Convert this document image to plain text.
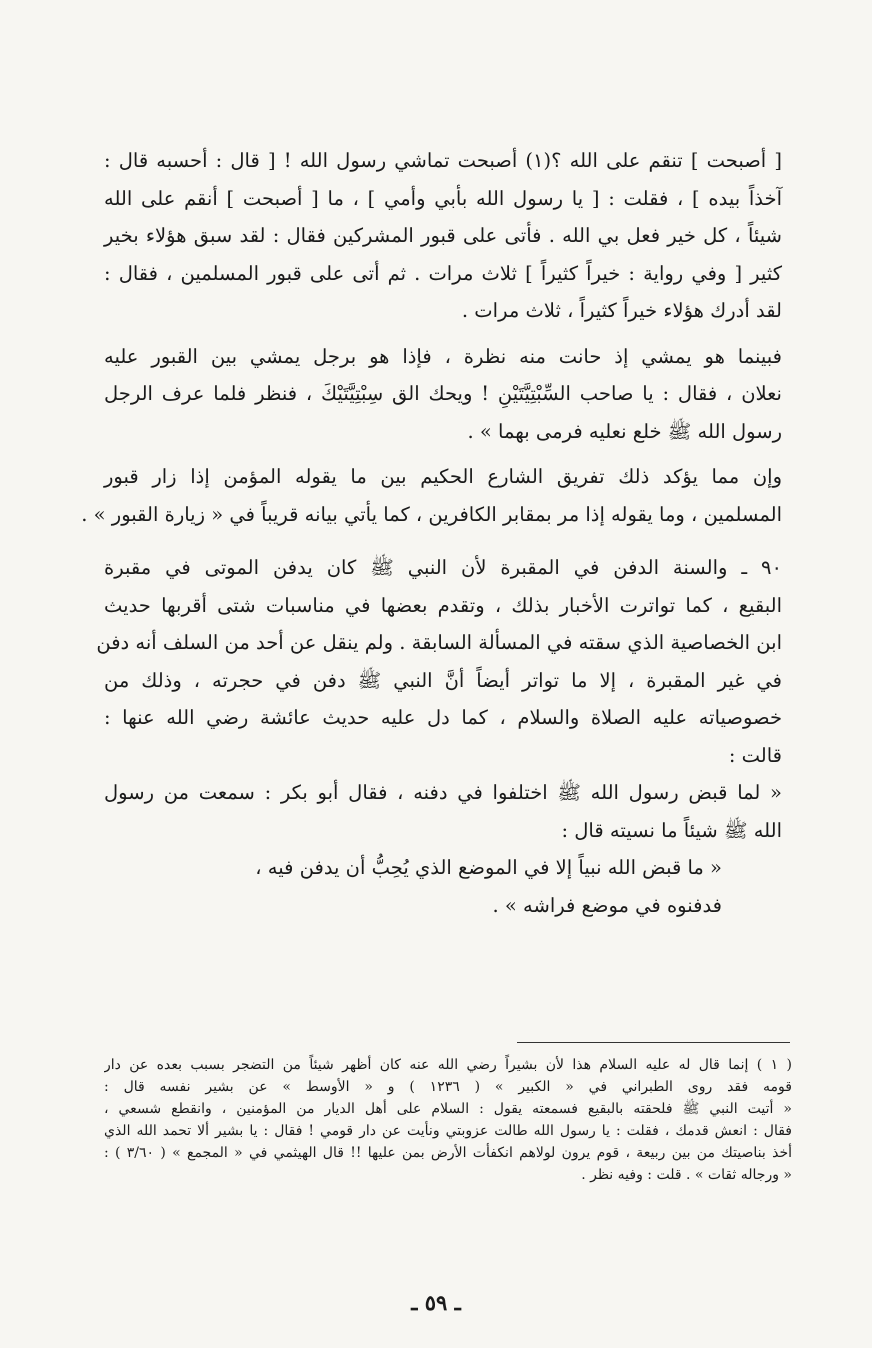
[ أصبحت ] تنقم على الله ؟(١) أصبحت تماشي رسول الله ! [ قال : أحسبه قال :
آخذاً بيده ] ، فقلت : [ يا رسول الله بأبي وأمي ] ، ما [ أصبحت ] أنقم على الله
شيئاً ، كل خير فعل بي الله . فأتى على قبور المشركين فقال : لقد سبق هؤلاء بخير
كثير [ وفي رواية : خيراً كثيراً ] ثلاث مرات . ثم أتى على قبور المسلمين ، فقال :
لقد أدرك هؤلاء خيراً كثيراً ، ثلاث مرات .
فبينما هو يمشي إذ حانت منه نظرة ، فإذا هو برجل يمشي بين القبور عليه
نعلان ، فقال : يا صاحب السِّبْتِيَّتَيْنِ ! ويحك الق سِبْتِيَّتَيْكَ ، فنظر فلما عرف الرجل
رسول الله ﷺ خلع نعليه فرمى بهما » .
وإن مما يؤكد ذلك تفريق الشارع الحكيم بين ما يقوله المؤمن إذا زار قبور
المسلمين ، وما يقوله إذا مر بمقابر الكافرين ، كما يأتي بيانه قريباً في « زيارة القبور » .
٩٠ ـ والسنة الدفن في المقبرة لأن النبي ﷺ كان يدفن الموتى في مقبرة
البقيع ، كما تواترت الأخبار بذلك ، وتقدم بعضها في مناسبات شتى أقربها حديث
ابن الخصاصية الذي سقته في المسألة السابقة . ولم ينقل عن أحد من السلف أنه دفن
في غير المقبرة ، إلا ما تواتر أيضاً أنَّ النبي ﷺ دفن في حجرته ، وذلك من
خصوصياته عليه الصلاة والسلام ، كما دل عليه حديث عائشة رضي الله عنها :
قالت :
« لما قبض رسول الله ﷺ اختلفوا في دفنه ، فقال أبو بكر : سمعت من رسول
الله ﷺ شيئاً ما نسيته قال :
« ما قبض الله نبياً إلا في الموضع الذي يُحِبُّ أن يدفن فيه ،
فدفنوه في موضع فراشه » .
( ١ ) إنما قال له عليه السلام هذا لأن بشيراً رضي الله عنه كان أظهر شيئاً من التضجر بسبب بعده عن دار
قومه فقد روى الطبراني في « الكبير » ( ١٢٣٦ ) و « الأوسط » عن بشير نفسه قال :
« أتيت النبي ﷺ فلحقته بالبقيع فسمعته يقول : السلام على أهل الديار من المؤمنين ، وانقطع شسعي ،
فقال : انعش قدمك ، فقلت : يا رسول الله طالت عزوبتي ونأيت عن دار قومي ! فقال : يا بشير ألا تحمد الله الذي
أخذ بناصيتك من بين ربيعة ، قوم يرون لولاهم انكفأت الأرض بمن عليها !! قال الهيثمي في « المجمع » ( ٣/٦٠ ) :
« ورجاله ثقات » . قلت : وفيه نظر .
ـ ٥٩ ـ
